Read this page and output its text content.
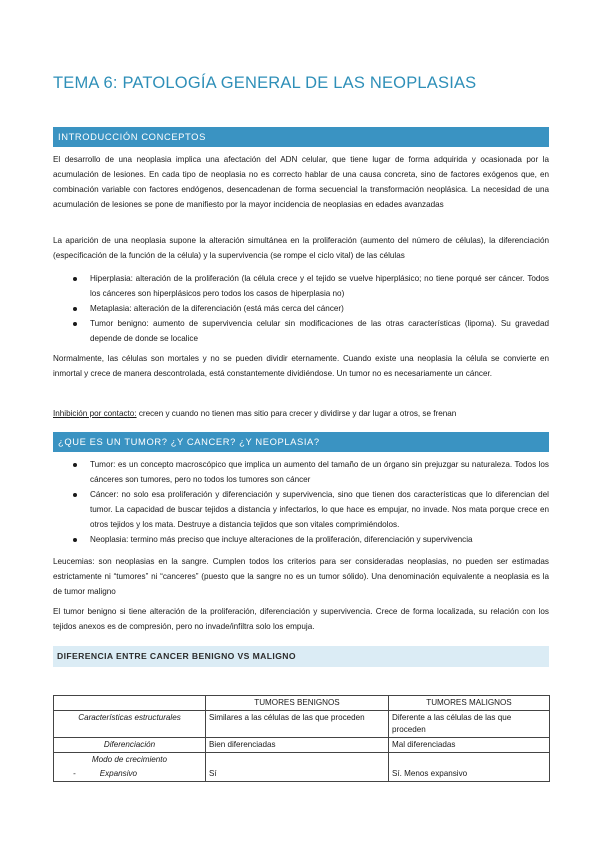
TEMA 6: PATOLOGÍA GENERAL DE LAS NEOPLASIAS
INTRODUCCIÓN CONCEPTOS

El desarrollo de una neoplasia implica una afectación del ADN celular, que tiene lugar de forma adquirida y ocasionada por la acumulación de lesiones. En cada tipo de neoplasia no es correcto hablar de una causa concreta, sino de factores exógenos que, en combinación variable con factores endógenos, desencadenan de forma secuencial la transformación neoplásica. La necesidad de una acumulación de lesiones se pone de manifiesto por la mayor incidencia de neoplasias en edades avanzadas

La aparición de una neoplasia supone la alteración simultánea en la proliferación (aumento del número de células), la diferenciación (especificación de la función de la célula) y la supervivencia (se rompe el ciclo vital) de las células

Hiperplasia: alteración de la proliferación (la célula crece y el tejido se vuelve hiperplásico; no tiene porqué ser cáncer. Todos los cánceres son hiperplásicos pero todos los casos de hiperplasia no)
Metaplasia: alteración de la diferenciación (está más cerca del cáncer)
Tumor benigno: aumento de supervivencia celular sin modificaciones de las otras características (lipoma). Su gravedad depende de donde se localice

Normalmente, las células son mortales y no se pueden dividir eternamente. Cuando existe una neoplasia la célula se convierte en inmortal y crece de manera descontrolada, está constantemente dividiéndose. Un tumor no es necesariamente un cáncer.

Inhibición por contacto: crecen y cuando no tienen mas sitio para crecer y dividirse y dar lugar a otros, se frenan

¿QUE ES UN TUMOR? ¿Y CANCER? ¿Y NEOPLASIA?
Tumor: es un concepto macroscópico que implica un aumento del tamaño de un órgano sin prejuzgar su naturaleza. Todos los cánceres son tumores, pero no todos los tumores son cáncer
Cáncer: no solo esa proliferación y diferenciación y supervivencia, sino que tienen dos características que lo diferencian del tumor. La capacidad de buscar tejidos a distancia y infectarlos, lo que hace es empujar, no invade. Nos mata porque crece en otros tejidos y los mata. Destruye a distancia tejidos que son vitales comprimiéndolos.
Neoplasia: termino más preciso que incluye alteraciones de la proliferación, diferenciación y supervivencia

Leucemias: son neoplasias en la sangre. Cumplen todos los criterios para ser consideradas neoplasias, no pueden ser estimadas estrictamente ni “tumores” ni “canceres” (puesto que la sangre no es un tumor sólido). Una denominación equivalente a neoplasia es la de tumor maligno

El tumor benigno si tiene alteración de la proliferación, diferenciación y supervivencia. Crece de forma localizada, su relación con los tejidos anexos es de compresión, pero no invade/infiltra solo los empuja.

DIFERENCIA ENTRE CANCER BENIGNO VS MALIGNO
	TUMORES BENIGNOS	TUMORES MALIGNOS
Características estructurales	Similares a las células de las que proceden	Diferente a las células de las que proceden
Diferenciación	Bien diferenciadas	Mal diferenciadas

Modo de crecimiento
- Expansivo	Sí	Sí. Menos expansivo
